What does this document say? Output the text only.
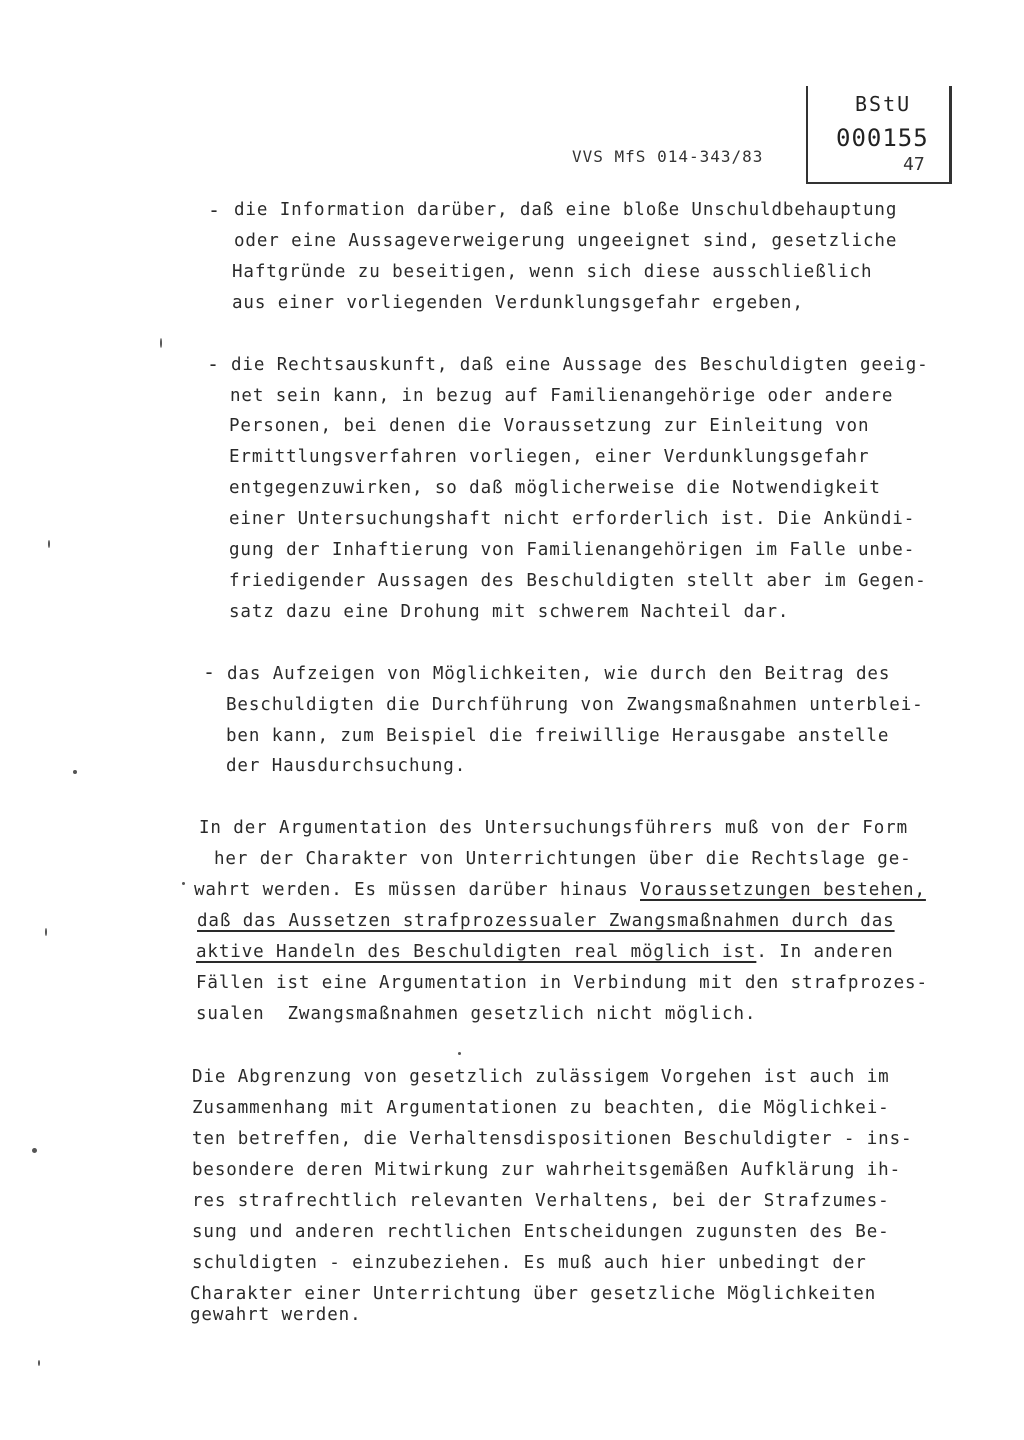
BStU
000155
47
VVS MfS 014-343/83
- die Information darüber, daß eine bloße Unschuldbehauptung
oder eine Aussageverweigerung ungeeignet sind, gesetzliche
Haftgründe zu beseitigen, wenn sich diese ausschließlich
aus einer vorliegenden Verdunklungsgefahr ergeben,
- die Rechtsauskunft, daß eine Aussage des Beschuldigten geeig-
net sein kann, in bezug auf Familienangehörige oder andere
Personen, bei denen die Voraussetzung zur Einleitung von
Ermittlungsverfahren vorliegen, einer Verdunklungsgefahr
entgegenzuwirken, so daß möglicherweise die Notwendigkeit
einer Untersuchungshaft nicht erforderlich ist. Die Ankündi-
gung der Inhaftierung von Familienangehörigen im Falle unbe-
friedigender Aussagen des Beschuldigten stellt aber im Gegen-
satz dazu eine Drohung mit schwerem Nachteil dar.
- das Aufzeigen von Möglichkeiten, wie durch den Beitrag des
Beschuldigten die Durchführung von Zwangsmaßnahmen unterblei-
ben kann, zum Beispiel die freiwillige Herausgabe anstelle
der Hausdurchsuchung.
In der Argumentation des Untersuchungsführers muß von der Form
her der Charakter von Unterrichtungen über die Rechtslage ge-
wahrt werden. Es müssen darüber hinaus Voraussetzungen bestehen,
daß das Aussetzen strafprozessualer Zwangsmaßnahmen durch das
aktive Handeln des Beschuldigten real möglich ist. In anderen
Fällen ist eine Argumentation in Verbindung mit den strafprozes-
sualen  Zwangsmaßnahmen gesetzlich nicht möglich.
Die Abgrenzung von gesetzlich zulässigem Vorgehen ist auch im
Zusammenhang mit Argumentationen zu beachten, die Möglichkei-
ten betreffen, die Verhaltensdispositionen Beschuldigter - ins-
besondere deren Mitwirkung zur wahrheitsgemäßen Aufklärung ih-
res strafrechtlich relevanten Verhaltens, bei der Strafzumes-
sung und anderen rechtlichen Entscheidungen zugunsten des Be-
schuldigten - einzubeziehen. Es muß auch hier unbedingt der
Charakter einer Unterrichtung über gesetzliche Möglichkeiten
gewahrt werden.
